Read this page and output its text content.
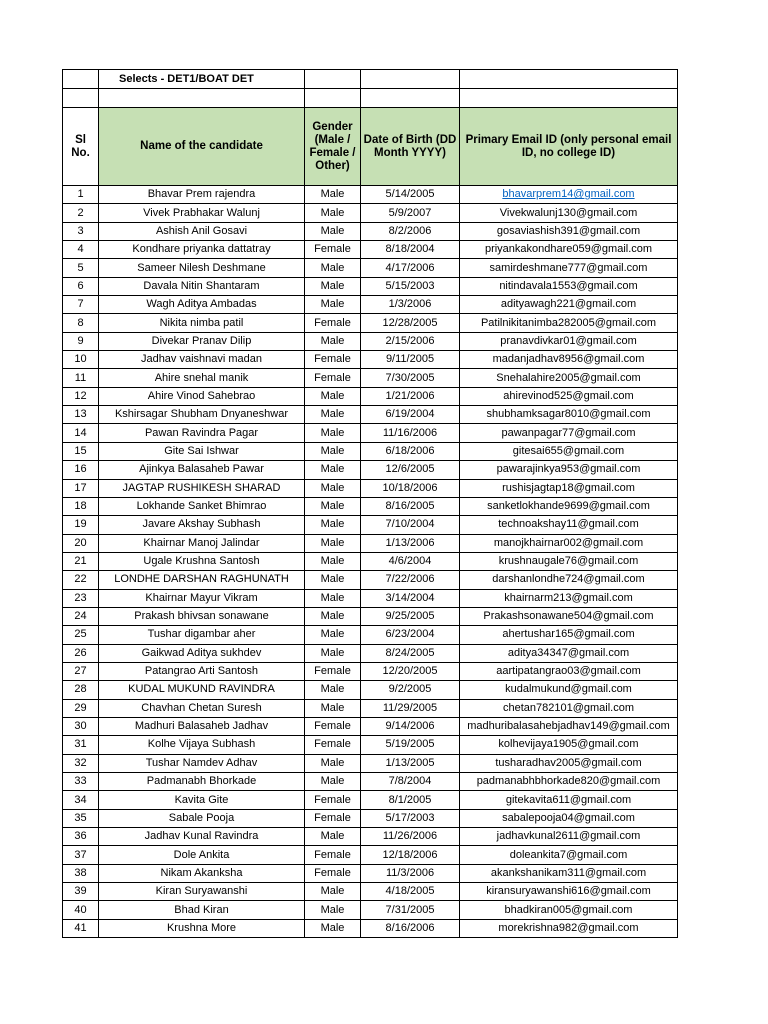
	Selects - DET1/BOAT DET			

Sl No.	Name of the candidate	Gender (Male / Female / Other)	Date of Birth (DD Month YYYY)	Primary Email ID (only personal email ID, no college ID)
1	Bhavar Prem rajendra	Male	5/14/2005	bhavarprem14@gmail.com
2	Vivek Prabhakar Walunj	Male	5/9/2007	Vivekwalunj130@gmail.com
3	Ashish Anil Gosavi	Male	8/2/2006	gosaviashish391@gmail.com
4	Kondhare priyanka dattatray	Female	8/18/2004	priyankakondhare059@gmail.com
5	Sameer Nilesh Deshmane	Male	4/17/2006	samirdeshmane777@gmail.com
6	Davala Nitin Shantaram	Male	5/15/2003	nitindavala1553@gmail.com
7	Wagh Aditya Ambadas	Male	1/3/2006	adityawagh221@gmail.com
8	Nikita nimba patil	Female	12/28/2005	Patilnikitanimba282005@gmail.com
9	Divekar Pranav Dilip	Male	2/15/2006	pranavdivkar01@gmail.com
10	Jadhav vaishnavi madan	Female	9/11/2005	madanjadhav8956@gmail.com
11	Ahire snehal manik	Female	7/30/2005	Snehalahire2005@gmail.com
12	Ahire Vinod Sahebrao	Male	1/21/2006	ahirevinod525@gmail.com
13	Kshirsagar Shubham Dnyaneshwar	Male	6/19/2004	shubhamksagar8010@gmail.com
14	Pawan Ravindra Pagar	Male	11/16/2006	pawanpagar77@gmail.com
15	Gite Sai Ishwar	Male	6/18/2006	gitesai655@gmail.com
16	Ajinkya Balasaheb Pawar	Male	12/6/2005	pawarajinkya953@gmail.com
17	JAGTAP RUSHIKESH SHARAD	Male	10/18/2006	rushisjagtap18@gmail.com
18	Lokhande Sanket Bhimrao	Male	8/16/2005	sanketlokhande9699@gmail.com
19	Javare Akshay Subhash	Male	7/10/2004	technoakshay11@gmail.com
20	Khairnar Manoj Jalindar	Male	1/13/2006	manojkhairnar002@gmail.com
21	Ugale Krushna Santosh	Male	4/6/2004	krushnaugale76@gmail.com
22	LONDHE DARSHAN RAGHUNATH	Male	7/22/2006	darshanlondhe724@gmail.com
23	Khairnar Mayur Vikram	Male	3/14/2004	khairnarm213@gmail.com
24	Prakash bhivsan sonawane	Male	9/25/2005	Prakashsonawane504@gmail.com
25	Tushar digambar aher	Male	6/23/2004	ahertushar165@gmail.com
26	Gaikwad Aditya sukhdev	Male	8/24/2005	aditya34347@gmail.com
27	Patangrao Arti Santosh	Female	12/20/2005	aartipatangrao03@gmail.com
28	KUDAL MUKUND RAVINDRA	Male	9/2/2005	kudalmukund@gmail.com
29	Chavhan Chetan Suresh	Male	11/29/2005	chetan782101@gmail.com
30	Madhuri Balasaheb Jadhav	Female	9/14/2006	madhuribalasahebjadhav149@gmail.com
31	Kolhe Vijaya Subhash	Female	5/19/2005	kolhevijaya1905@gmail.com
32	Tushar Namdev Adhav	Male	1/13/2005	tusharadhav2005@gmail.com
33	Padmanabh Bhorkade	Male	7/8/2004	padmanabhbhorkade820@gmail.com
34	Kavita Gite	Female	8/1/2005	gitekavita611@gmail.com
35	Sabale Pooja	Female	5/17/2003	sabalepooja04@gmail.com
36	Jadhav Kunal Ravindra	Male	11/26/2006	jadhavkunal2611@gmail.com
37	Dole Ankita	Female	12/18/2006	doleankita7@gmail.com
38	Nikam Akanksha	Female	11/3/2006	akankshanikam311@gmail.com
39	Kiran Suryawanshi	Male	4/18/2005	kiransuryawanshi616@gmail.com
40	Bhad Kiran	Male	7/31/2005	bhadkiran005@gmail.com
41	Krushna More	Male	8/16/2006	morekrishna982@gmail.com
